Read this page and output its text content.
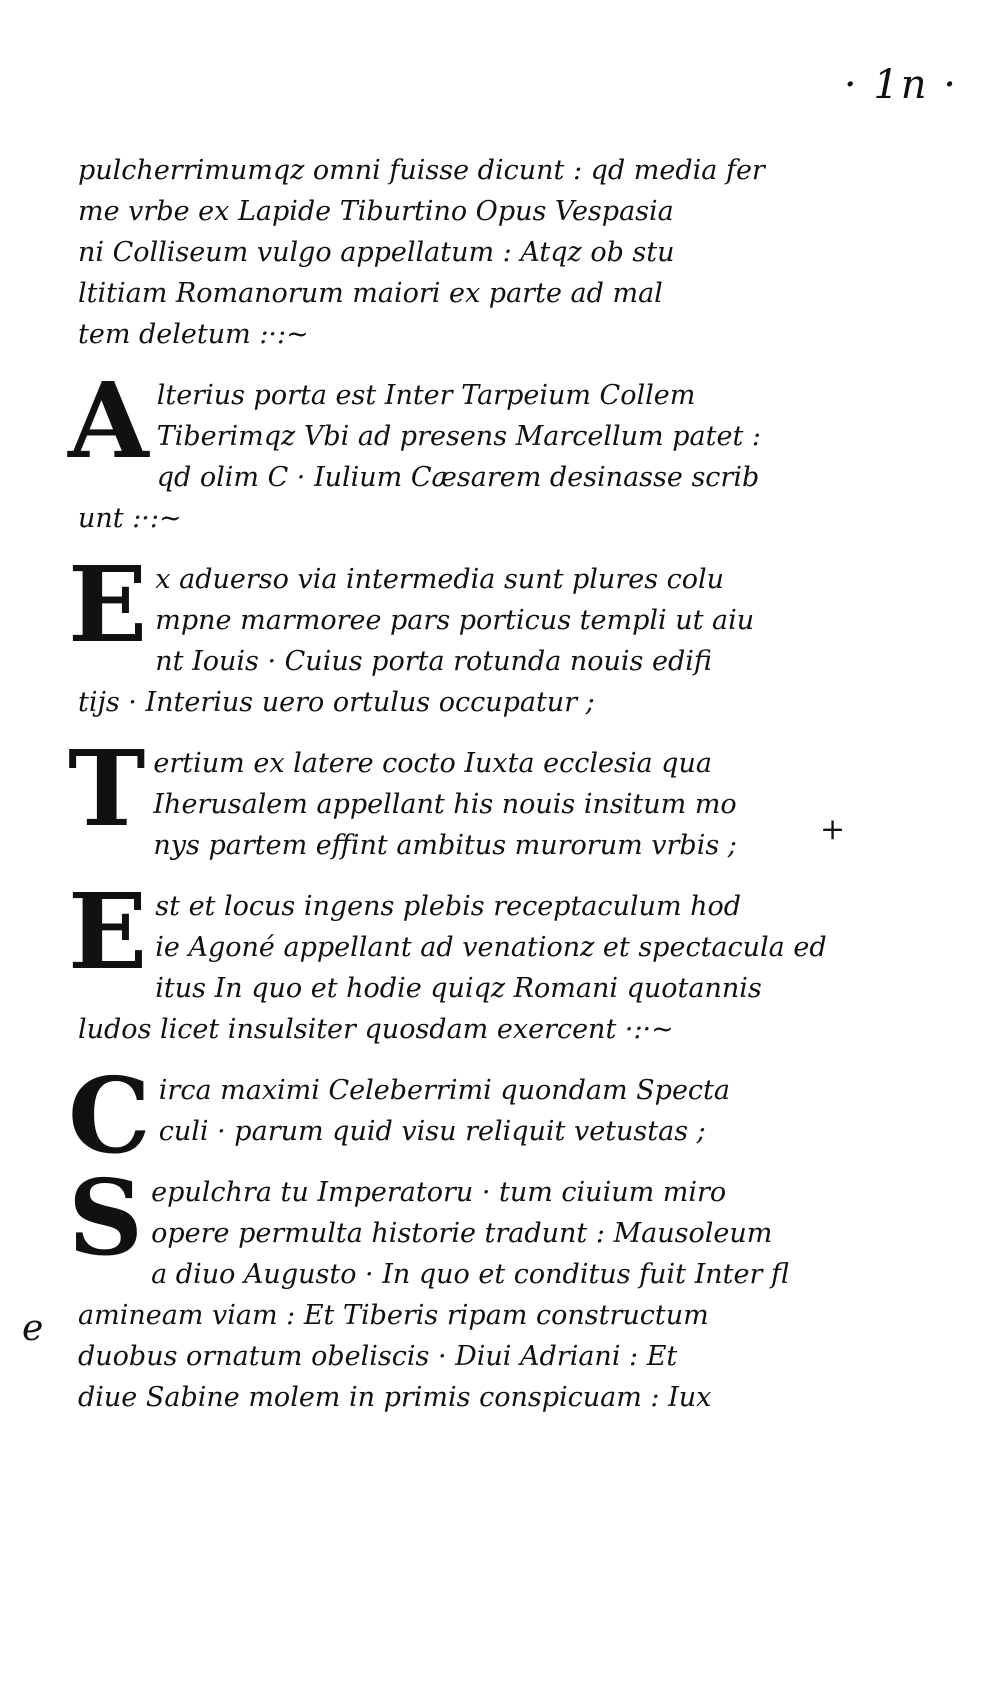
· 1n ·
+
e
pulcherrimumqz omni fuisse dicunt : qd media fer
me vrbe ex Lapide Tiburtino Opus Vespasia
ni Colliseum vulgo appellatum : Atqz ob stu
ltitiam Romanorum maiori ex parte ad mal
tem deletum :·:~
A lterius porta est Inter Tarpeium Collem
Tiberimqz Vbi ad presens Marcellum patet :
qd olim C · Iulium Cæsarem desinasse scrib
unt :·:~
E x aduerso via intermedia sunt plures colu
mpne marmoree pars porticus templi ut aiu
nt Iouis · Cuius porta rotunda nouis edifi
tijs · Interius uero ortulus occupatur ;
T ertium ex latere cocto Iuxta ecclesia qua
Iherusalem appellant his nouis insitum mo
nys partem effint ambitus murorum vrbis ;
E st et locus ingens plebis receptaculum hod
ie Agoné appellant ad venationz et spectacula ed
itus In quo et hodie quiqz Romani quotannis
ludos licet insulsiter quosdam exercent ·:·~
C irca maximi Celeberrimi quondam Specta
culi · parum quid visu reliquit vetustas ;
S epulchra tu Imperatoru · tum ciuium miro
opere permulta historie tradunt : Mausoleum
a diuo Augusto · In quo et conditus fuit Inter fl
amineam viam : Et Tiberis ripam constructum
duobus ornatum obeliscis · Diui Adriani : Et
diue Sabine molem in primis conspicuam : Iux
